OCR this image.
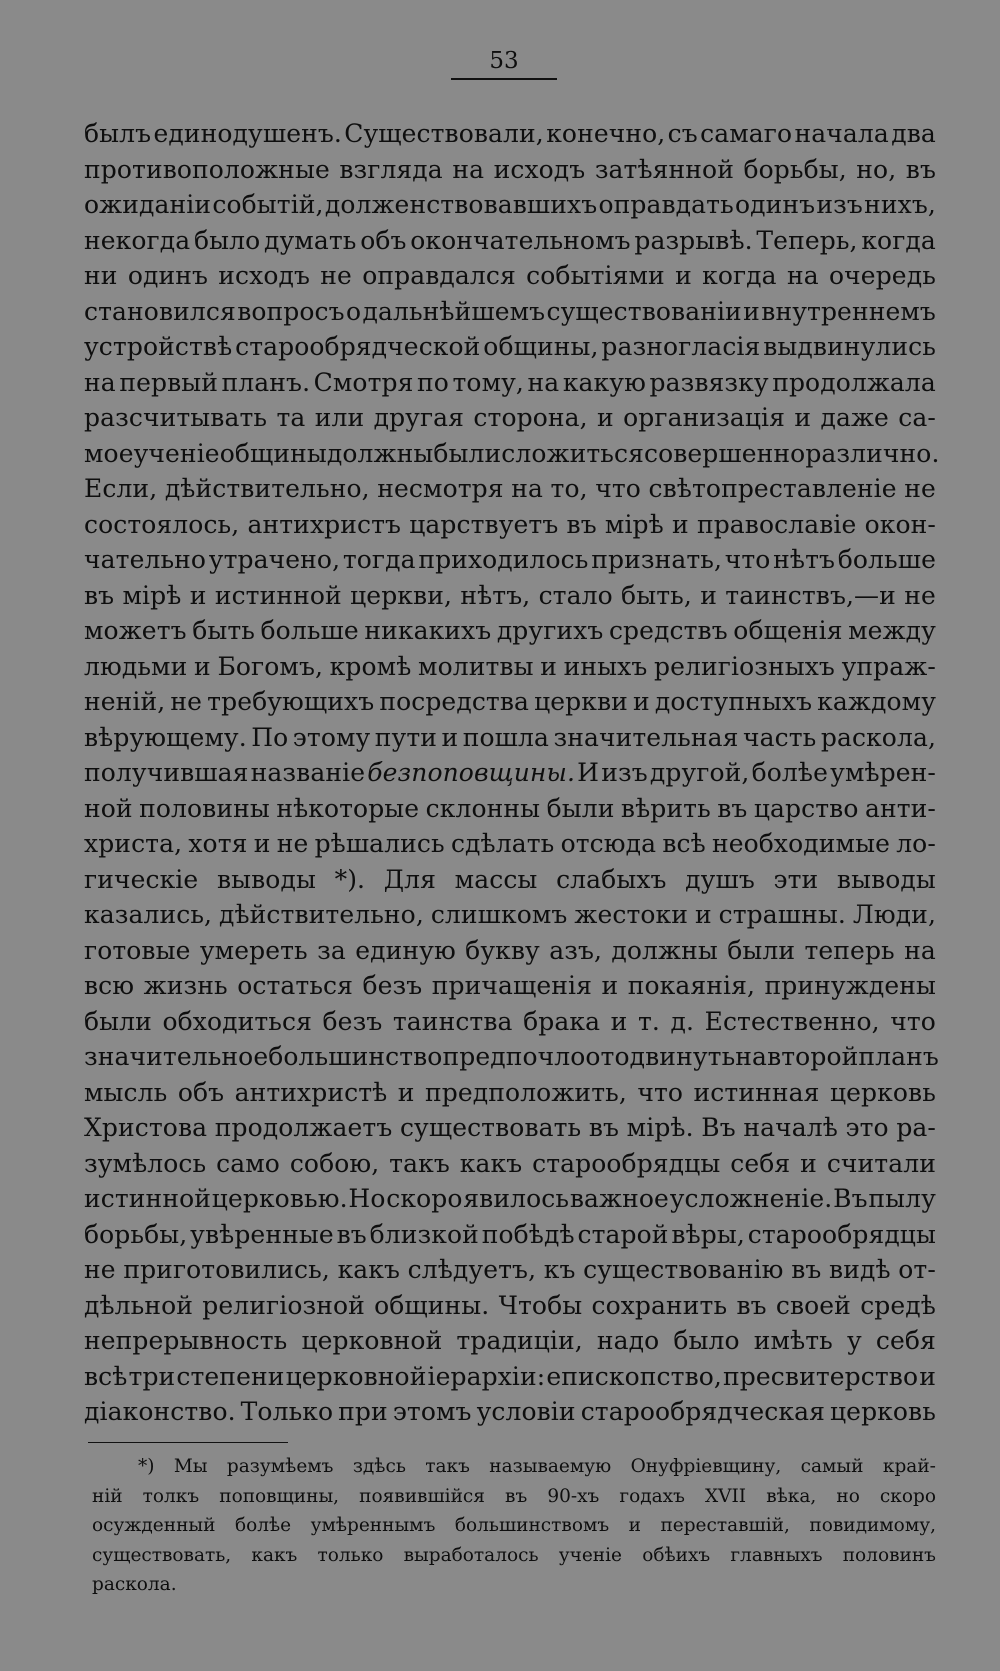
53
былъ единодушенъ. Существовали, конечно, съ самаго начала два
противоположные взгляда на исходъ затѣянной борьбы, но, въ
ожиданіи событій, долженствовавшихъ оправдать одинъ изъ нихъ,
некогда было думать объ окончательномъ разрывѣ. Теперь, когда
ни одинъ исходъ не оправдался событіями и когда на очередь
становился вопросъ о дальнѣйшемъ существованіи и внутреннемъ
устройствѣ старообрядческой общины, разногласія выдвинулись
на первый планъ. Смотря по тому, на какую развязку продолжала
разсчитывать та или другая сторона, и организація и даже са-
мое ученіе общины должны были сложиться совершенно различно.
Если, дѣйствительно, несмотря на то, что свѣтопреставленіе не
состоялось, антихристъ царствуетъ въ мірѣ и православіе окон-
чательно утрачено, тогда приходилось признать, что нѣтъ больше
въ мірѣ и истинной церкви, нѣтъ, стало быть, и таинствъ,—и не
можетъ быть больше никакихъ другихъ средствъ общенія между
людьми и Богомъ, кромѣ молитвы и иныхъ религіозныхъ упраж-
неній, не требующихъ посредства церкви и доступныхъ каждому
вѣрующему. По этому пути и пошла значительная часть раскола,
получившая названіе безпоповщины. И изъ другой, болѣе умѣрен-
ной половины нѣкоторые склонны были вѣрить въ царство анти-
христа, хотя и не рѣшались сдѣлать отсюда всѣ необходимые ло-
гическіе выводы *). Для массы слабыхъ душъ эти выводы
казались, дѣйствительно, слишкомъ жестоки и страшны. Люди,
готовые умереть за единую букву азъ, должны были теперь на
всю жизнь остаться безъ причащенія и покаянія, принуждены
были обходиться безъ таинства брака и т. д. Естественно, что
значительное большинство предпочло отодвинуть на второй планъ
мысль объ антихристѣ и предположить, что истинная церковь
Христова продолжаетъ существовать въ мірѣ. Въ началѣ это ра-
зумѣлось само собою, такъ какъ старообрядцы себя и считали
истинной церковью. Но скоро явилось важное усложненіе. Въ пылу
борьбы, увѣренные въ близкой побѣдѣ старой вѣры, старообрядцы
не приготовились, какъ слѣдуетъ, къ существованію въ видѣ от-
дѣльной религіозной общины. Чтобы сохранить въ своей средѣ
непрерывность церковной традиціи, надо было имѣть у себя
всѣ три степени церковной іерархіи: епископство, пресвитерство и
діаконство. Только при этомъ условіи старообрядческая церковь
*) Мы разумѣемъ здѣсь такъ называемую Онуфріевщину, самый край-
ній толкъ поповщины, появившійся въ 90-хъ годахъ XVII вѣка, но скоро
осужденный болѣе умѣреннымъ большинствомъ и переставшій, повидимому,
существовать, какъ только выработалось ученіе обѣихъ главныхъ половинъ
раскола.
